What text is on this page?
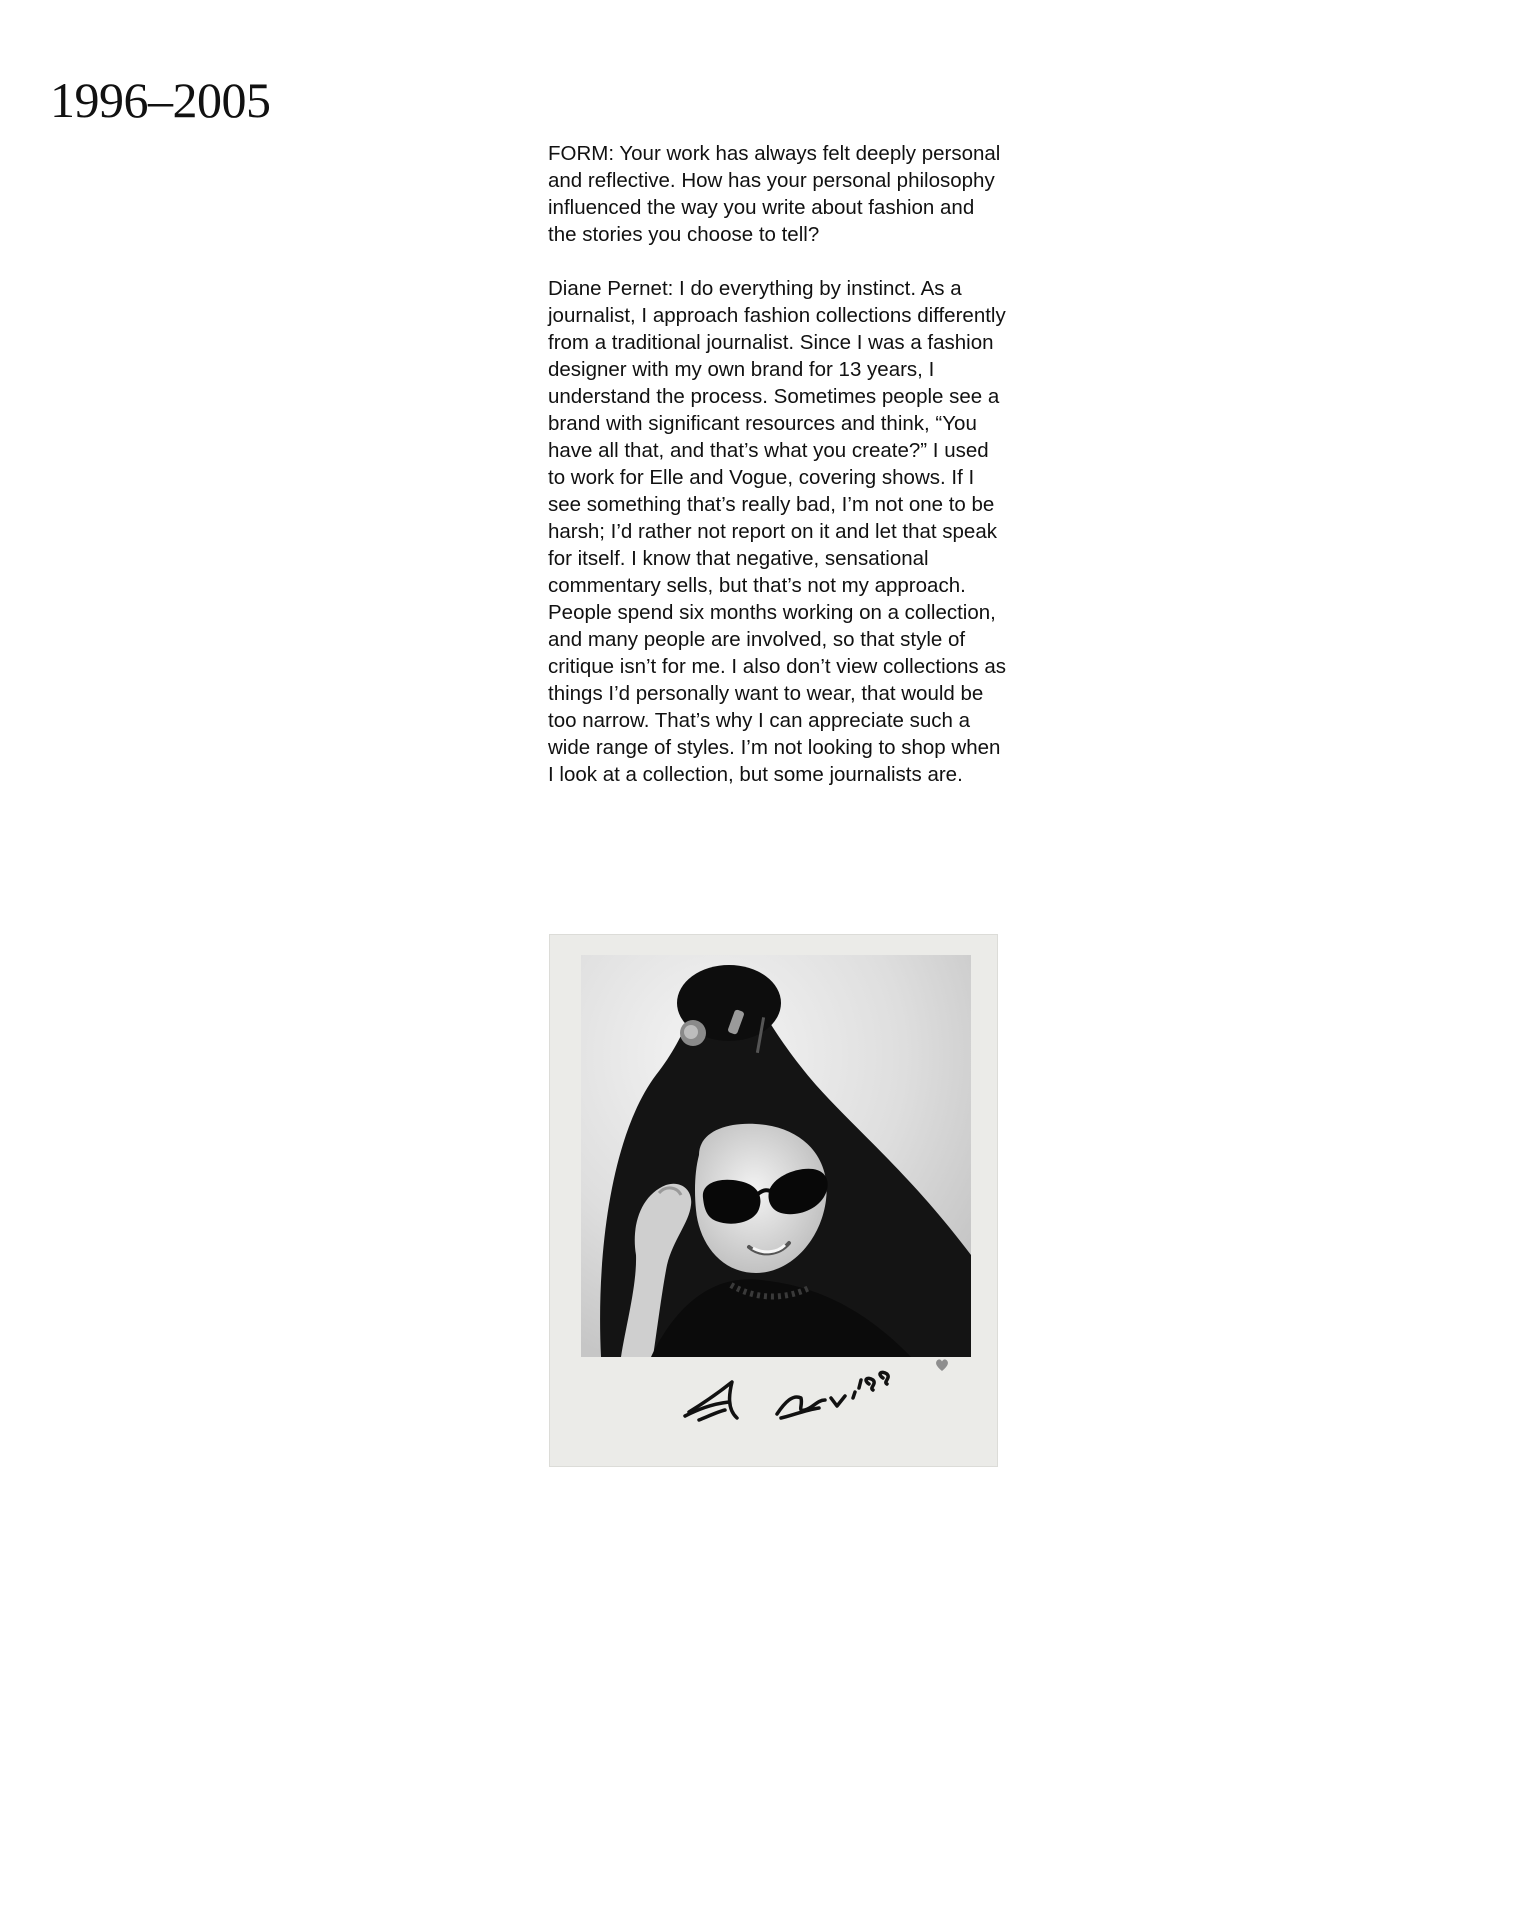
1996–2005

FORM: Your work has always felt deeply personal and reflective. How has your personal philosophy influenced the way you write about fashion and the stories you choose to tell?

Diane Pernet: I do everything by instinct. As a journalist, I approach fashion collections differently from a traditional journalist. Since I was a fashion designer with my own brand for 13 years, I understand the process. Sometimes people see a brand with significant resources and think, “You have all that, and that’s what you create?” I used to work for Elle and Vogue, covering shows. If I see something that’s really bad, I’m not one to be harsh; I’d rather not report on it and let that speak for itself. I know that negative, sensational commentary sells, but that’s not my approach. People spend six months working on a collection, and many people are involved, so that style of critique isn’t for me. I also don’t view collections as things I’d personally want to wear, that would be too narrow. That’s why I can appreciate such a wide range of styles. I’m not looking to shop when I look at a collection, but some journalists are.
